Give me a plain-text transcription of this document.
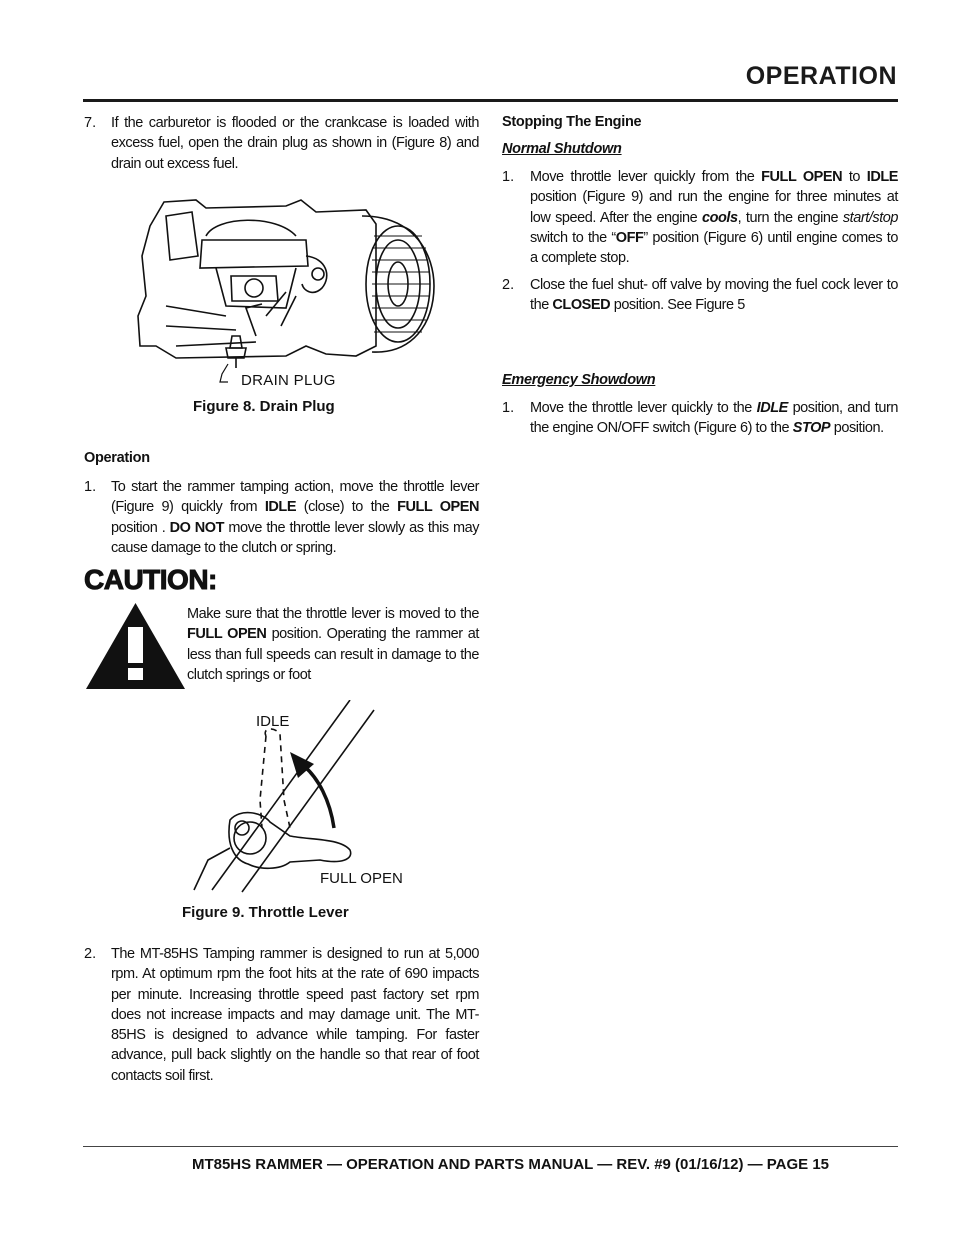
OPERATION
7. If the carburetor is flooded or the crankcase is loaded with excess fuel, open the drain plug as shown in (Figure 8) and drain out excess fuel.
DRAIN PLUG
Figure 8. Drain Plug
Operation
1. To start the rammer tamping action, move the throttle lever (Figure 9) quickly from IDLE (close) to the FULL OPEN position . DO NOT move the throttle lever slowly as this may cause damage to the clutch or spring.
CAUTION:
Make sure that the throttle lever is moved to the FULL OPEN position. Operating the rammer at less than full speeds can result in damage to the clutch springs or foot
IDLE
FULL OPEN
Figure 9. Throttle Lever
2. The MT-85HS Tamping rammer is designed to run at 5,000 rpm. At optimum rpm the foot hits at the rate of 690 impacts per minute. Increasing throttle speed past factory set rpm does not increase impacts and may damage unit. The MT-85HS is designed to advance while tamping. For faster advance, pull back slightly on the handle so that rear of foot contacts soil first.
Stopping The Engine
Normal Shutdown
1. Move throttle lever quickly from the FULL OPEN to IDLE position (Figure 9) and run the engine for three minutes at low speed. After the engine cools, turn the engine start/stop switch to the “OFF” position (Figure 6) until engine comes to a complete stop.
2. Close the fuel shut- off valve by moving the fuel cock lever to the CLOSED position. See Figure 5
Emergency Showdown
1. Move the throttle lever quickly to the IDLE position, and turn the engine ON/OFF switch (Figure 6) to the STOP position.
MT85HS RAMMER — OPERATION AND PARTS MANUAL — REV. #9 (01/16/12) — PAGE 15
